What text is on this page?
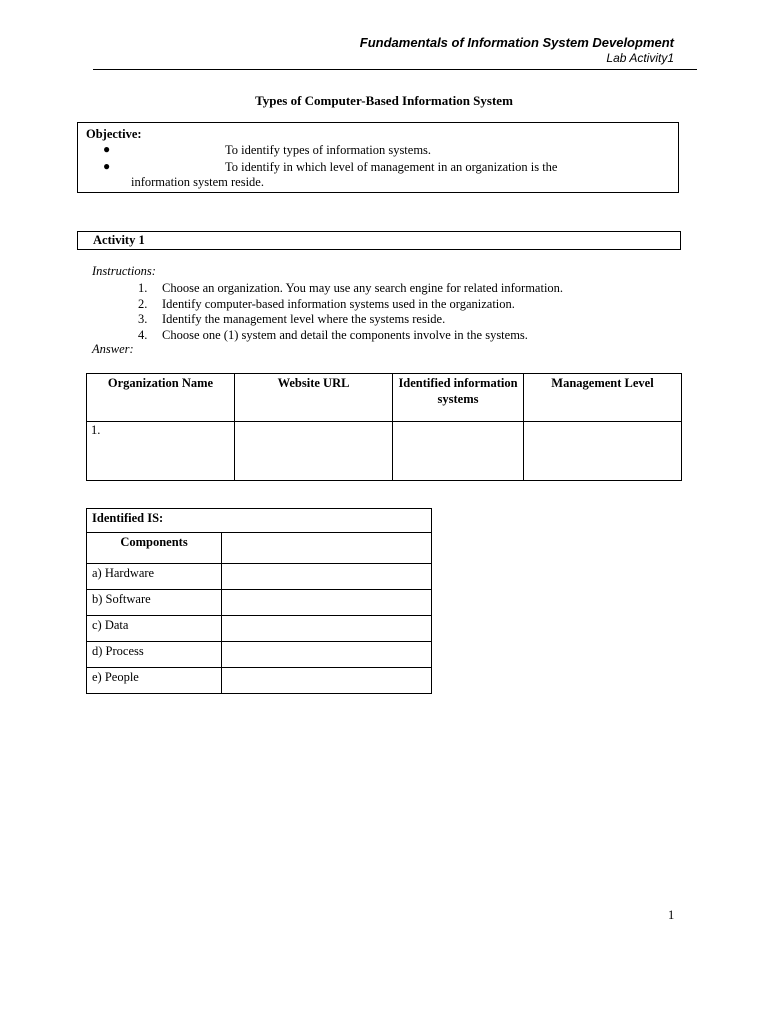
Fundamentals of Information System Development
Lab Activity1
Types of Computer-Based Information System
Objective:
●	To identify types of information systems.
●	To identify in which level of management in an organization is the
information system reside.
Activity 1
Instructions:
1. Choose an organization. You may use any search engine for related information.
2. Identify computer-based information systems used in the organization.
3. Identify the management level where the systems reside.
4. Choose one (1) system and detail the components involve in the systems.
Answer:
Organization Name	Website URL	Identified information systems	Management Level
1.			
Identified IS:	
Components	
a) Hardware	
b) Software	
c) Data	
d) Process	
e) People	
1
